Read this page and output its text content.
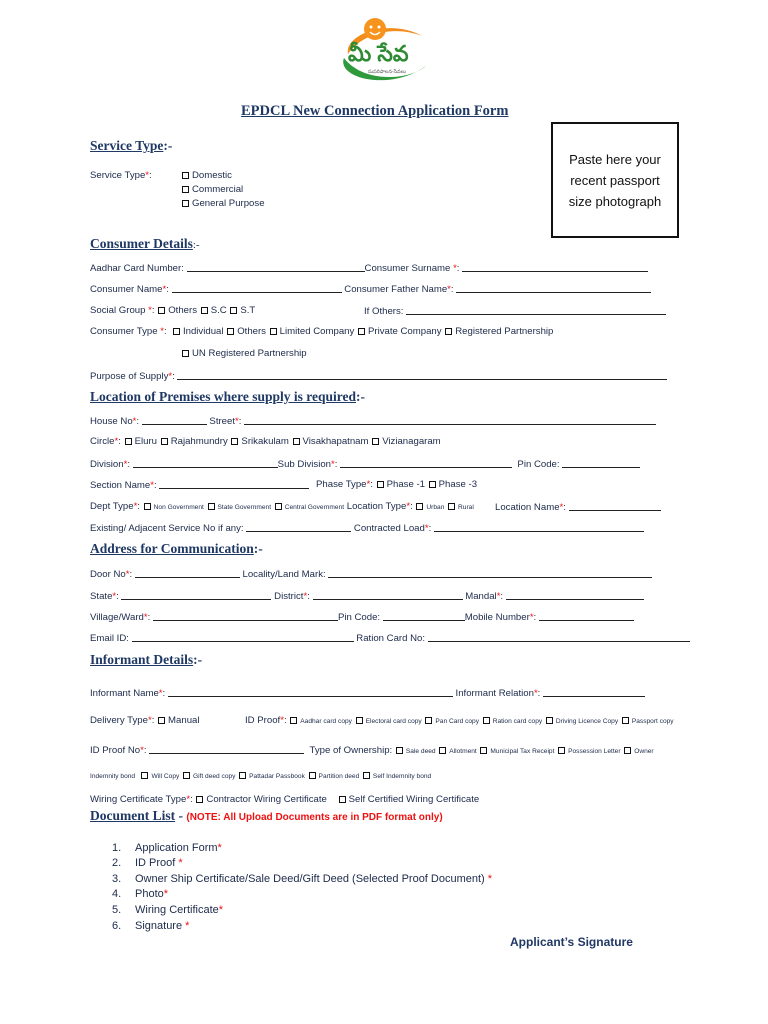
మీ సేవ
సుపరిపాలన-సేవలు
EPDCL New Connection Application Form
Paste here your
recent passport
size photograph
Service Type:-
Service Type*:	Domestic
Commercial
General Purpose
Consumer Details:-
Aadhar Card Number:	Consumer Surname *:
Consumer Name*:	Consumer Father Name*:
Social Group *: Others S.C S.T	If Others:
Consumer Type *: Individual Others Limited Company Private Company Registered Partnership
UN Registered Partnership
Purpose of Supply*:
Location of Premises where supply is required:-
House No*:	Street*:
Circle*: Eluru Rajahmundry Srikakulam Visakhapatnam Vizianagaram
Division*:	Sub Division*:	Pin Code:
Section Name*:	Phase Type*: Phase -1 Phase -3
Dept Type*: Non Government State Government Central Government Location Type*: Urban Rural Location Name*:
Existing/ Adjacent Service No if any:	Contracted Load*:
Address for Communication:-
Door No*:	Locality/Land Mark:
State*:	District*:	Mandal*:
Village/Ward*:	Pin Code:	Mobile Number*:
Email ID:	Ration Card No:
Informant Details:-
Informant Name*:	Informant Relation*:
Delivery Type*: Manual	ID Proof*: Aadhar card copy Electoral card copy Pan Card copy Ration card copy Driving Licence Copy Passport copy
ID Proof No*:	Type of Ownership: Sale deed Allotment Municipal Tax Receipt Possession Letter Owner
Indemnity bond Will Copy Gift deed copy Pattadar Passbook Partition deed Self Indemnity bond
Wiring Certificate Type*: Contractor Wiring Certificate Self Certified Wiring Certificate
Document List - (NOTE: All Upload Documents are in PDF format only)
1. Application Form*
2. ID Proof *
3. Owner Ship Certificate/Sale Deed/Gift Deed (Selected Proof Document) *
4. Photo*
5. Wiring Certificate*
6. Signature *
Applicant’s Signature
